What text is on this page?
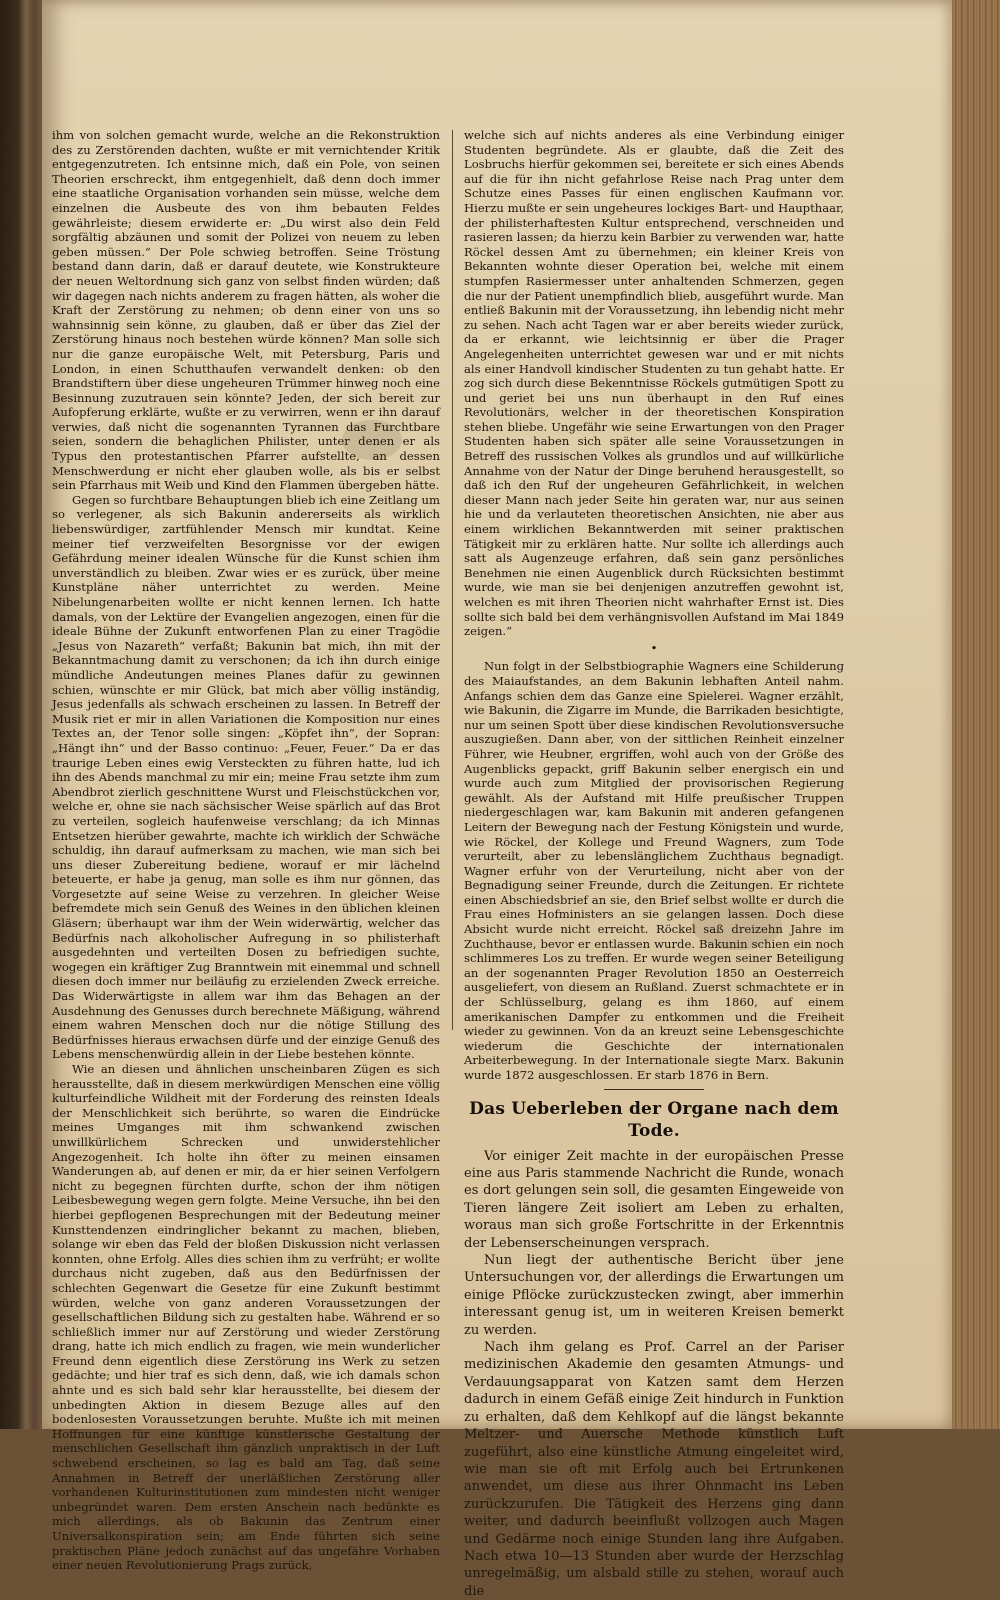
s
t
l
b
f
l
h
t
e
d
d
n
o
e
r
ie
r
e
t
e
n
t
e
r
r
e
n
e
r
t
e
n
t
e
r
e
t
e
n
e
g
a
i
e
r
t
n
e
l
g
r
e
n
e
d
t
e
r
n
e
t
t
e
e
r

ihm von solchen gemacht wurde, welche an die Rekonstruktion des zu Zerstörenden dachten, wußte er mit vernichtender Kritik entgegenzutreten. Ich entsinne mich, daß ein Pole, von seinen Theorien erschreckt, ihm entgegenhielt, daß denn doch immer eine staatliche Organisation vorhanden sein müsse, welche dem einzelnen die Ausbeute des von ihm bebauten Feldes gewährleiste; diesem erwiderte er: „Du wirst also dein Feld sorgfältig abzäunen und somit der Polizei von neuem zu leben geben müssen.“ Der Pole schwieg betroffen. Seine Tröstung bestand dann darin, daß er darauf deutete, wie Konstrukteure der neuen Weltordnung sich ganz von selbst finden würden; daß wir dagegen nach nichts anderem zu fragen hätten, als woher die Kraft der Zerstörung zu nehmen; ob denn einer von uns so wahnsinnig sein könne, zu glauben, daß er über das Ziel der Zerstörung hinaus noch bestehen würde können? Man solle sich nur die ganze europäische Welt, mit Petersburg, Paris und London, in einen Schutthaufen verwandelt denken: ob den Brandstiftern über diese ungeheuren Trümmer hinweg noch eine Besinnung zuzutrauen sein könnte? Jeden, der sich bereit zur Aufopferung erklärte, wußte er zu verwirren, wenn er ihn darauf verwies, daß nicht die sogenannten Tyrannen das Furchtbare seien, sondern die behaglichen Philister, unter denen er als Typus den protestantischen Pfarrer aufstellte, an dessen Menschwerdung er nicht eher glauben wolle, als bis er selbst sein Pfarrhaus mit Weib und Kind den Flammen übergeben hätte.

Gegen so furchtbare Behauptungen blieb ich eine Zeitlang um so verlegener, als sich Bakunin andererseits als wirklich liebenswürdiger, zartfühlender Mensch mir kundtat. Keine meiner tief verzweifelten Besorgnisse vor der ewigen Gefährdung meiner idealen Wünsche für die Kunst schien ihm unverständlich zu bleiben. Zwar wies er es zurück, über meine Kunstpläne näher unterrichtet zu werden. Meine Nibelungenarbeiten wollte er nicht kennen lernen. Ich hatte damals, von der Lektüre der Evangelien angezogen, einen für die ideale Bühne der Zukunft entworfenen Plan zu einer Tragödie „Jesus von Nazareth“ verfaßt; Bakunin bat mich, ihn mit der Bekanntmachung damit zu verschonen; da ich ihn durch einige mündliche Andeutungen meines Planes dafür zu gewinnen schien, wünschte er mir Glück, bat mich aber völlig inständig, Jesus jedenfalls als schwach erscheinen zu lassen. In Betreff der Musik riet er mir in allen Variationen die Komposition nur eines Textes an, der Tenor solle singen: „Köpfet ihn“, der Sopran: „Hängt ihn“ und der Basso continuo: „Feuer, Feuer.“ Da er das traurige Leben eines ewig Versteckten zu führen hatte, lud ich ihn des Abends manchmal zu mir ein; meine Frau setzte ihm zum Abendbrot zierlich geschnittene Wurst und Fleischstückchen vor, welche er, ohne sie nach sächsischer Weise spärlich auf das Brot zu verteilen, sogleich haufenweise verschlang; da ich Minnas Entsetzen hierüber gewahrte, machte ich wirklich der Schwäche schuldig, ihn darauf aufmerksam zu machen, wie man sich bei uns dieser Zubereitung bediene, worauf er mir lächelnd beteuerte, er habe ja genug, man solle es ihm nur gönnen, das Vorgesetzte auf seine Weise zu verzehren. In gleicher Weise befremdete mich sein Genuß des Weines in den üblichen kleinen Gläsern; überhaupt war ihm der Wein widerwärtig, welcher das Bedürfnis nach alkoholischer Aufregung in so philisterhaft ausgedehnten und verteilten Dosen zu befriedigen suchte, wogegen ein kräftiger Zug Branntwein mit einemmal und schnell diesen doch immer nur beiläufig zu erzielenden Zweck erreiche. Das Widerwärtigste in allem war ihm das Behagen an der Ausdehnung des Genusses durch berechnete Mäßigung, während einem wahren Menschen doch nur die nötige Stillung des Bedürfnisses hieraus erwachsen dürfe und der einzige Genuß des Lebens menschenwürdig allein in der Liebe bestehen könnte.

Wie an diesen und ähnlichen unscheinbaren Zügen es sich herausstellte, daß in diesem merkwürdigen Menschen eine völlig kulturfeindliche Wildheit mit der Forderung des reinsten Ideals der Menschlichkeit sich berührte, so waren die Eindrücke meines Umganges mit ihm schwankend zwischen unwillkürlichem Schrecken und unwiderstehlicher Angezogenheit. Ich holte ihn öfter zu meinen einsamen Wanderungen ab, auf denen er mir, da er hier seinen Verfolgern nicht zu begegnen fürchten durfte, schon der ihm nötigen Leibesbewegung wegen gern folgte. Meine Versuche, ihn bei den hierbei gepflogenen Besprechungen mit der Bedeutung meiner Kunsttendenzen eindringlicher bekannt zu machen, blieben, solange wir eben das Feld der bloßen Diskussion nicht verlassen konnten, ohne Erfolg. Alles dies schien ihm zu verfrüht; er wollte durchaus nicht zugeben, daß aus den Bedürfnissen der schlechten Gegenwart die Gesetze für eine Zukunft bestimmt würden, welche von ganz anderen Voraussetzungen der gesellschaftlichen Bildung sich zu gestalten habe. Während er so schließlich immer nur auf Zerstörung und wieder Zerstörung drang, hatte ich mich endlich zu fragen, wie mein wunderlicher Freund denn eigentlich diese Zerstörung ins Werk zu setzen gedächte; und hier traf es sich denn, daß, wie ich damals schon ahnte und es sich bald sehr klar herausstellte, bei diesem der unbedingten Aktion in diesem Bezuge alles auf den bodenlosesten Voraussetzungen beruhte. Mußte ich mit meinen Hoffnungen für eine künftige künstlerische Gestaltung der menschlichen Gesellschaft ihm gänzlich unpraktisch in der Luft schwebend erscheinen, so lag es bald am Tag, daß seine Annahmen in Betreff der unerläßlichen Zerstörung aller vorhandenen Kulturinstitutionen zum mindesten nicht weniger unbegründet waren. Dem ersten Anschein nach bedünkte es mich allerdings, als ob Bakunin das Zentrum einer Universalkonspiration sein; am Ende führten sich seine praktischen Pläne jedoch zunächst auf das ungefähre Vorhaben einer neuen Revolutionierung Prags zurück,

welche sich auf nichts anderes als eine Verbindung einiger Studenten begründete. Als er glaubte, daß die Zeit des Losbruchs hierfür gekommen sei, bereitete er sich eines Abends auf die für ihn nicht gefahrlose Reise nach Prag unter dem Schutze eines Passes für einen englischen Kaufmann vor. Hierzu mußte er sein ungeheures lockiges Bart- und Haupthaar, der philisterhaftesten Kultur entsprechend, verschneiden und rasieren lassen; da hierzu kein Barbier zu verwenden war, hatte Röckel dessen Amt zu übernehmen; ein kleiner Kreis von Bekannten wohnte dieser Operation bei, welche mit einem stumpfen Rasiermesser unter anhaltenden Schmerzen, gegen die nur der Patient unempfindlich blieb, ausgeführt wurde. Man entließ Bakunin mit der Voraussetzung, ihn lebendig nicht mehr zu sehen. Nach acht Tagen war er aber bereits wieder zurück, da er erkannt, wie leichtsinnig er über die Prager Angelegenheiten unterrichtet gewesen war und er mit nichts als einer Handvoll kindischer Studenten zu tun gehabt hatte. Er zog sich durch diese Bekenntnisse Röckels gutmütigen Spott zu und geriet bei uns nun überhaupt in den Ruf eines Revolutionärs, welcher in der theoretischen Konspiration stehen bliebe. Ungefähr wie seine Erwartungen von den Prager Studenten haben sich später alle seine Voraussetzungen in Betreff des russischen Volkes als grundlos und auf willkürliche Annahme von der Natur der Dinge beruhend herausgestellt, so daß ich den Ruf der ungeheuren Gefährlichkeit, in welchen dieser Mann nach jeder Seite hin geraten war, nur aus seinen hie und da verlauteten theoretischen Ansichten, nie aber aus einem wirklichen Bekanntwerden mit seiner praktischen Tätigkeit mir zu erklären hatte. Nur sollte ich allerdings auch satt als Augenzeuge erfahren, daß sein ganz persönliches Benehmen nie einen Augenblick durch Rücksichten bestimmt wurde, wie man sie bei denjenigen anzutreffen gewohnt ist, welchen es mit ihren Theorien nicht wahrhafter Ernst ist. Dies sollte sich bald bei dem verhängnisvollen Aufstand im Mai 1849 zeigen.“

•

Nun folgt in der Selbstbiographie Wagners eine Schilderung des Maiaufstandes, an dem Bakunin lebhaften Anteil nahm. Anfangs schien dem das Ganze eine Spielerei. Wagner erzählt, wie Bakunin, die Zigarre im Munde, die Barrikaden besichtigte, nur um seinen Spott über diese kindischen Revolutionsversuche auszugießen. Dann aber, von der sittlichen Reinheit einzelner Führer, wie Heubner, ergriffen, wohl auch von der Größe des Augenblicks gepackt, griff Bakunin selber energisch ein und wurde auch zum Mitglied der provisorischen Regierung gewählt. Als der Aufstand mit Hilfe preußischer Truppen niedergeschlagen war, kam Bakunin mit anderen gefangenen Leitern der Bewegung nach der Festung Königstein und wurde, wie Röckel, der Kollege und Freund Wagners, zum Tode verurteilt, aber zu lebenslänglichem Zuchthaus begnadigt. Wagner erfuhr von der Verurteilung, nicht aber von der Begnadigung seiner Freunde, durch die Zeitungen. Er richtete einen Abschiedsbrief an sie, den Brief selbst wollte er durch die Frau eines Hofministers an sie gelangen lassen. Doch diese Absicht wurde nicht erreicht. Röckel saß dreizehn Jahre im Zuchthause, bevor er entlassen wurde. Bakunin schien ein noch schlimmeres Los zu treffen. Er wurde wegen seiner Beteiligung an der sogenannten Prager Revolution 1850 an Oesterreich ausgeliefert, von diesem an Rußland. Zuerst schmachtete er in der Schlüsselburg, gelang es ihm 1860, auf einem amerikanischen Dampfer zu entkommen und die Freiheit wieder zu gewinnen. Von da an kreuzt seine Lebensgeschichte wiederum die Geschichte der internationalen Arbeiterbewegung. In der Internationale siegte Marx. Bakunin wurde 1872 ausgeschlossen. Er starb 1876 in Bern.

Das Ueberleben der Organe nach dem Tode.

Vor einiger Zeit machte in der europäischen Presse eine aus Paris stammende Nachricht die Runde, wonach es dort gelungen sein soll, die gesamten Eingeweide von Tieren längere Zeit isoliert am Leben zu erhalten, woraus man sich große Fortschritte in der Erkenntnis der Lebenserscheinungen versprach.

Nun liegt der authentische Bericht über jene Untersuchungen vor, der allerdings die Erwartungen um einige Pflöcke zurückzustecken zwingt, aber immerhin interessant genug ist, um in weiteren Kreisen bemerkt zu werden.

Nach ihm gelang es Prof. Carrel an der Pariser medizinischen Akademie den gesamten Atmungs- und Verdauungsapparat von Katzen samt dem Herzen dadurch in einem Gefäß einige Zeit hindurch in Funktion zu erhalten, daß dem Kehlkopf auf die längst bekannte Meltzer- und Auersche Methode künstlich Luft zugeführt, also eine künstliche Atmung eingeleitet wird, wie man sie oft mit Erfolg auch bei Ertrunkenen anwendet, um diese aus ihrer Ohnmacht ins Leben zurückzurufen. Die Tätigkeit des Herzens ging dann weiter, und dadurch beeinflußt vollzogen auch Magen und Gedärme noch einige Stunden lang ihre Aufgaben. Nach etwa 10—13 Stunden aber wurde der Herzschlag unregelmäßig, um alsbald stille zu stehen, worauf auch die
